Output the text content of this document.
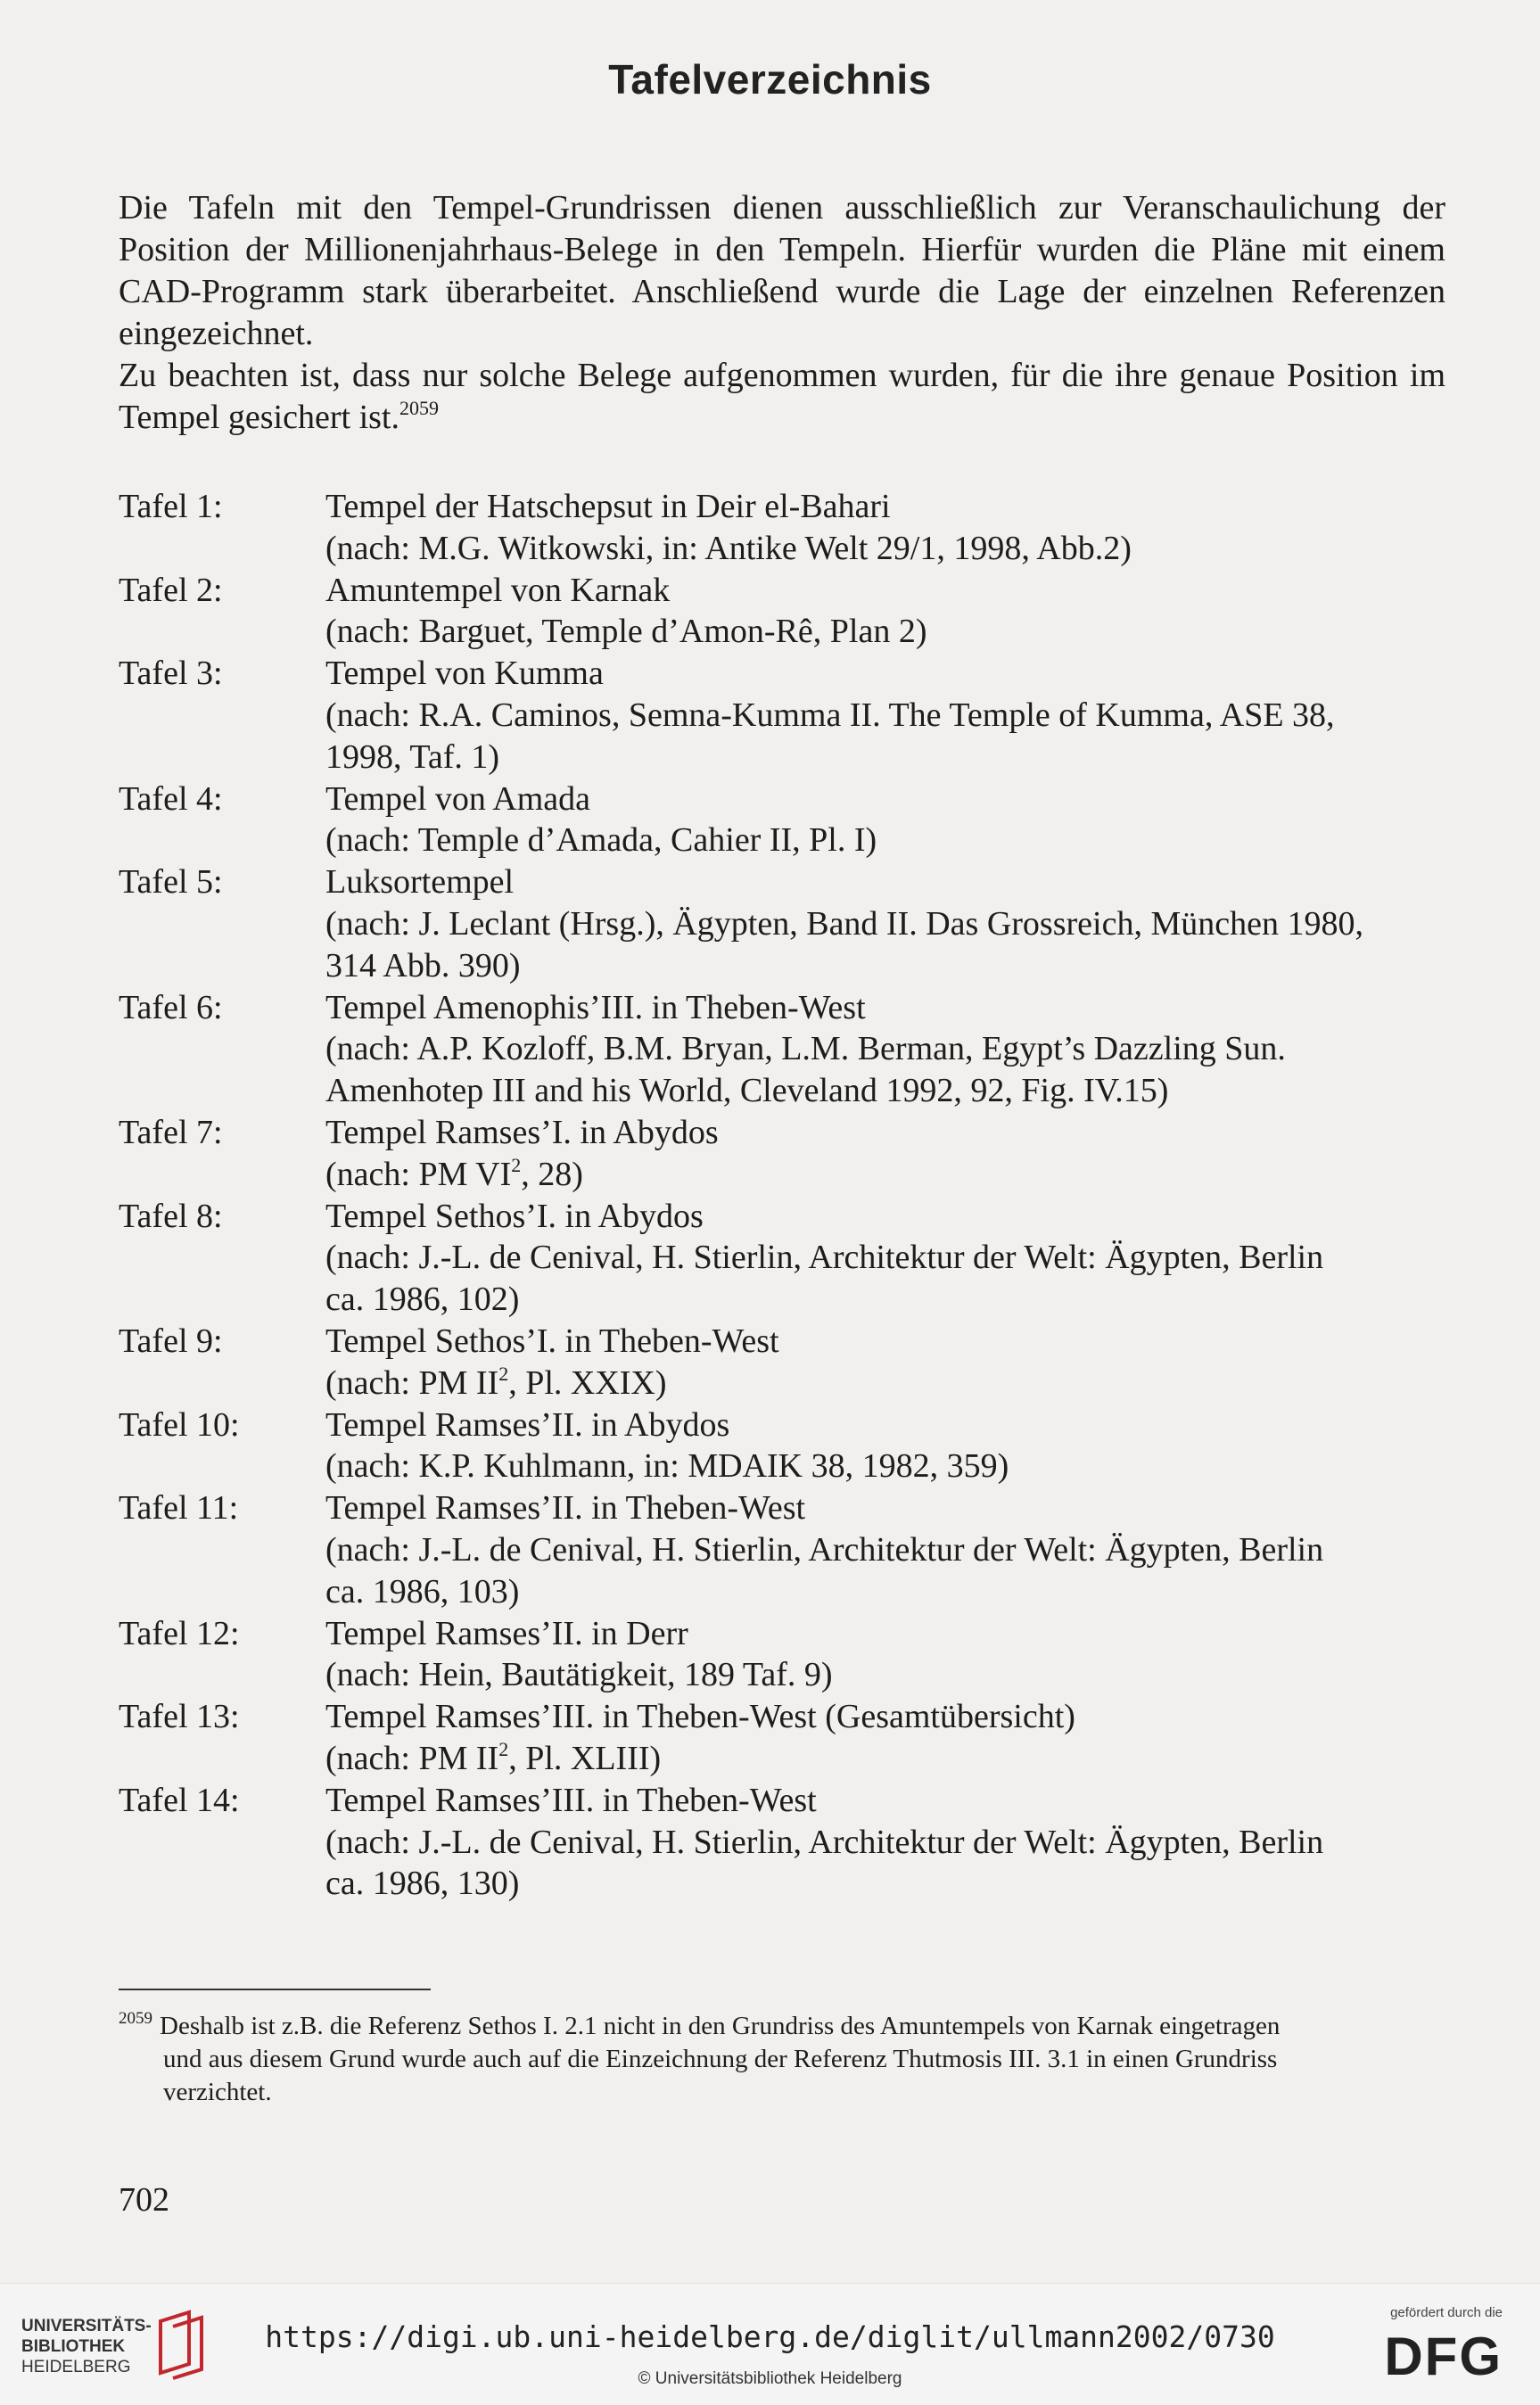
Tafelverzeichnis

Die Tafeln mit den Tempel-Grundrissen dienen ausschließlich zur Veranschaulichung der Position der Millionenjahrhaus-Belege in den Tempeln. Hierfür wurden die Pläne mit einem CAD-Programm stark überarbeitet. Anschließend wurde die Lage der einzelnen Referenzen eingezeichnet.

Zu beachten ist, dass nur solche Belege aufgenommen wurden, für die ihre genaue Position im Tempel gesichert ist.$^{2059}$

Tafel 1:	Tempel der Hatschepsut in Deir el-Bahari
(nach: M.G. Witkowski, in: Antike Welt 29/1, 1998, Abb.2)
Tafel 2:	Amuntempel von Karnak
(nach: Barguet, Temple d’Amon-Rê, Plan 2)
Tafel 3:	Tempel von Kumma
(nach: R.A. Caminos, Semna-Kumma II. The Temple of Kumma, ASE 38,
1998, Taf. 1)
Tafel 4:	Tempel von Amada
(nach: Temple d’Amada, Cahier II, Pl. I)
Tafel 5:	Luksortempel
(nach: J. Leclant (Hrsg.), Ägypten, Band II. Das Grossreich, München 1980,
314 Abb. 390)
Tafel 6:	Tempel Amenophis’III. in Theben-West
(nach: A.P. Kozloff, B.M. Bryan, L.M. Berman, Egypt’s Dazzling Sun.
Amenhotep III and his World, Cleveland 1992, 92, Fig. IV.15)
Tafel 7:	Tempel Ramses’I. in Abydos
(nach: PM $VI^2$, 28)
Tafel 8:	Tempel Sethos’I. in Abydos
(nach: J.-L. de Cenival, H. Stierlin, Architektur der Welt: Ägypten, Berlin
ca. 1986, 102)
Tafel 9:	Tempel Sethos’I. in Theben-West
(nach: PM $II^2$, Pl. XXIX)
Tafel 10:	Tempel Ramses’II. in Abydos
(nach: K.P. Kuhlmann, in: MDAIK 38, 1982, 359)
Tafel 11:	Tempel Ramses’II. in Theben-West
(nach: J.-L. de Cenival, H. Stierlin, Architektur der Welt: Ägypten, Berlin
ca. 1986, 103)
Tafel 12:	Tempel Ramses’II. in Derr
(nach: Hein, Bautätigkeit, 189 Taf. 9)
Tafel 13:	Tempel Ramses’III. in Theben-West (Gesamtübersicht)
(nach: PM $II^2$, Pl. XLIII)
Tafel 14:	Tempel Ramses’III. in Theben-West
(nach: J.-L. de Cenival, H. Stierlin, Architektur der Welt: Ägypten, Berlin
ca. 1986, 130)
$^{2059}$ Deshalb ist z.B. die Referenz Sethos I. 2.1 nicht in den Grundriss des Amuntempels von Karnak eingetragen
und aus diesem Grund wurde auch auf die Einzeichnung der Referenz Thutmosis III. 3.1 in einen Grundriss
verzichtet.
702
UNIVERSITÄTS-
BIBLIOTHEK
HEIDELBERG
https://digi.ub.uni-heidelberg.de/diglit/ullmann2002/0730
© Universitätsbibliothek Heidelberg
gefördert durch die
DFG
